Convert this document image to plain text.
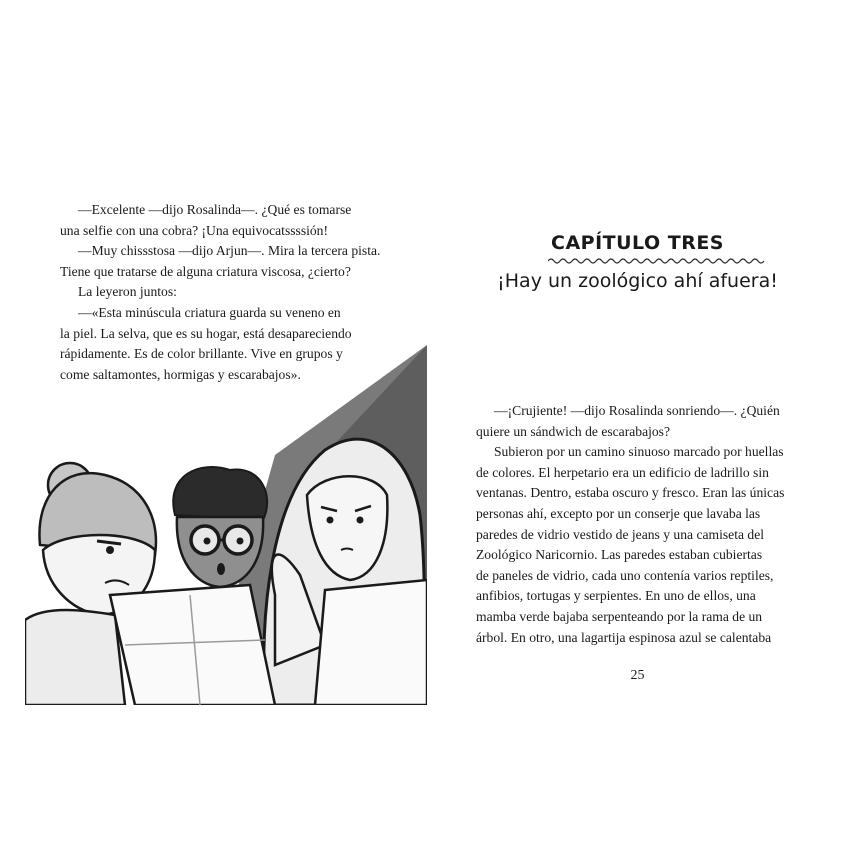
—Excelente —dijo Rosalinda—. ¿Qué es tomarse
una selfie con una cobra? ¡Una equivocatssssión!
—Muy chissstosa —dijo Arjun—. Mira la tercera pista.
Tiene que tratarse de alguna criatura viscosa, ¿cierto?
La leyeron juntos:
—«Esta minúscula criatura guarda su veneno en
la piel. La selva, que es su hogar, está desapareciendo
rápidamente. Es de color brillante. Vive en grupos y
come saltamontes, hormigas y escarabajos».
CAPÍTULO TRES
¡Hay un zoológico ahí afuera!
—¡Crujiente! —dijo Rosalinda sonriendo—. ¿Quién
quiere un sándwich de escarabajos?
Subieron por un camino sinuoso marcado por huellas
de colores. El herpetario era un edificio de ladrillo sin
ventanas. Dentro, estaba oscuro y fresco. Eran las únicas
personas ahí, excepto por un conserje que lavaba las
paredes de vidrio vestido de jeans y una camiseta del
Zoológico Naricornio. Las paredes estaban cubiertas
de paneles de vidrio, cada uno contenía varios reptiles,
anfibios, tortugas y serpientes. En uno de ellos, una
mamba verde bajaba serpenteando por la rama de un
árbol. En otro, una lagartija espinosa azul se calentaba
25
